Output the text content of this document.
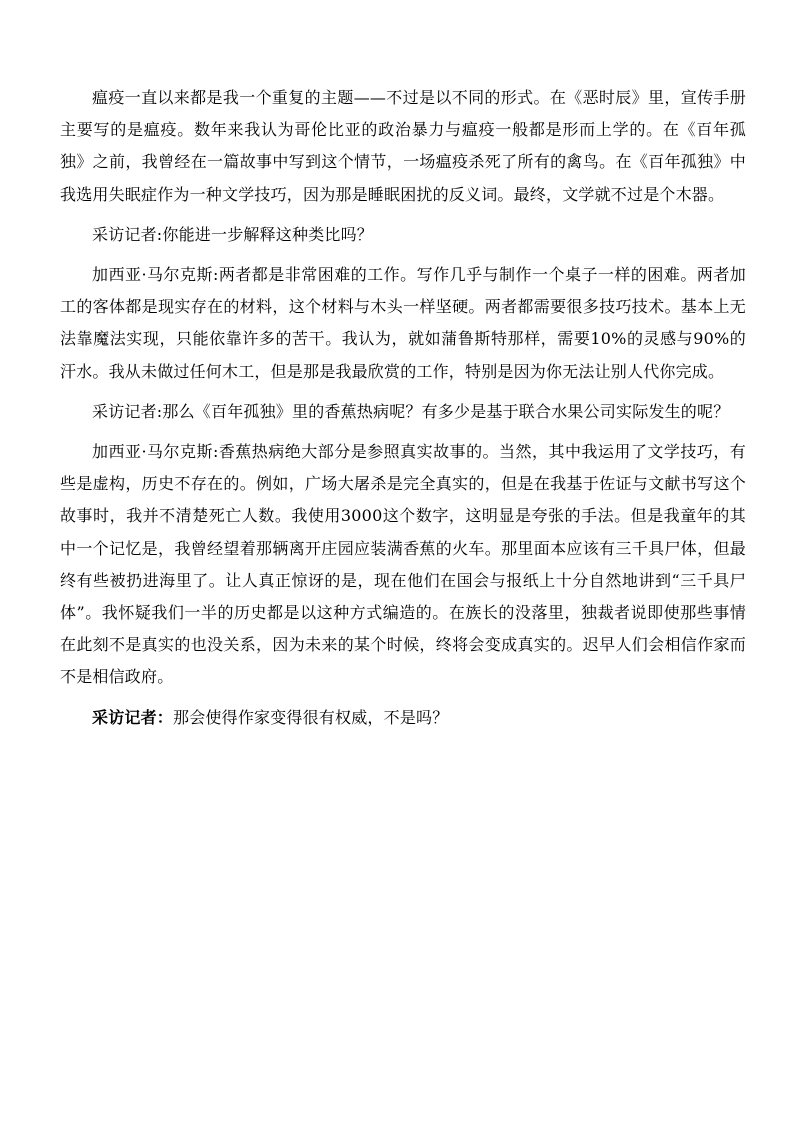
瘟疫一直以来都是我一个重复的主题——不过是以不同的形式。在《恶时辰》里，宣传手册主要写的是瘟疫。数年来我认为哥伦比亚的政治暴力与瘟疫一般都是形而上学的。在《百年孤独》之前，我曾经在一篇故事中写到这个情节，一场瘟疫杀死了所有的禽鸟。在《百年孤独》中我选用失眠症作为一种文学技巧，因为那是睡眠困扰的反义词。最终，文学就不过是个木器。

采访记者:你能进一步解释这种类比吗？

加西亚·马尔克斯:两者都是非常困难的工作。写作几乎与制作一个桌子一样的困难。两者加工的客体都是现实存在的材料，这个材料与木头一样坚硬。两者都需要很多技巧技术。基本上无法靠魔法实现，只能依靠许多的苦干。我认为，就如蒲鲁斯特那样，需要10%的灵感与90%的汗水。我从未做过任何木工，但是那是我最欣赏的工作，特别是因为你无法让别人代你完成。

采访记者:那么《百年孤独》里的香蕉热病呢？有多少是基于联合水果公司实际发生的呢？

加西亚·马尔克斯:香蕉热病绝大部分是参照真实故事的。当然，其中我运用了文学技巧，有些是虚构，历史不存在的。例如，广场大屠杀是完全真实的，但是在我基于佐证与文献书写这个故事时，我并不清楚死亡人数。我使用3000这个数字，这明显是夸张的手法。但是我童年的其中一个记忆是，我曾经望着那辆离开庄园应装满香蕉的火车。那里面本应该有三千具尸体，但最终有些被扔进海里了。让人真正惊讶的是，现在他们在国会与报纸上十分自然地讲到“三千具尸体”。我怀疑我们一半的历史都是以这种方式编造的。在族长的没落里，独裁者说即使那些事情在此刻不是真实的也没关系，因为未来的某个时候，终将会变成真实的。迟早人们会相信作家而不是相信政府。

采访记者：那会使得作家变得很有权威，不是吗？
